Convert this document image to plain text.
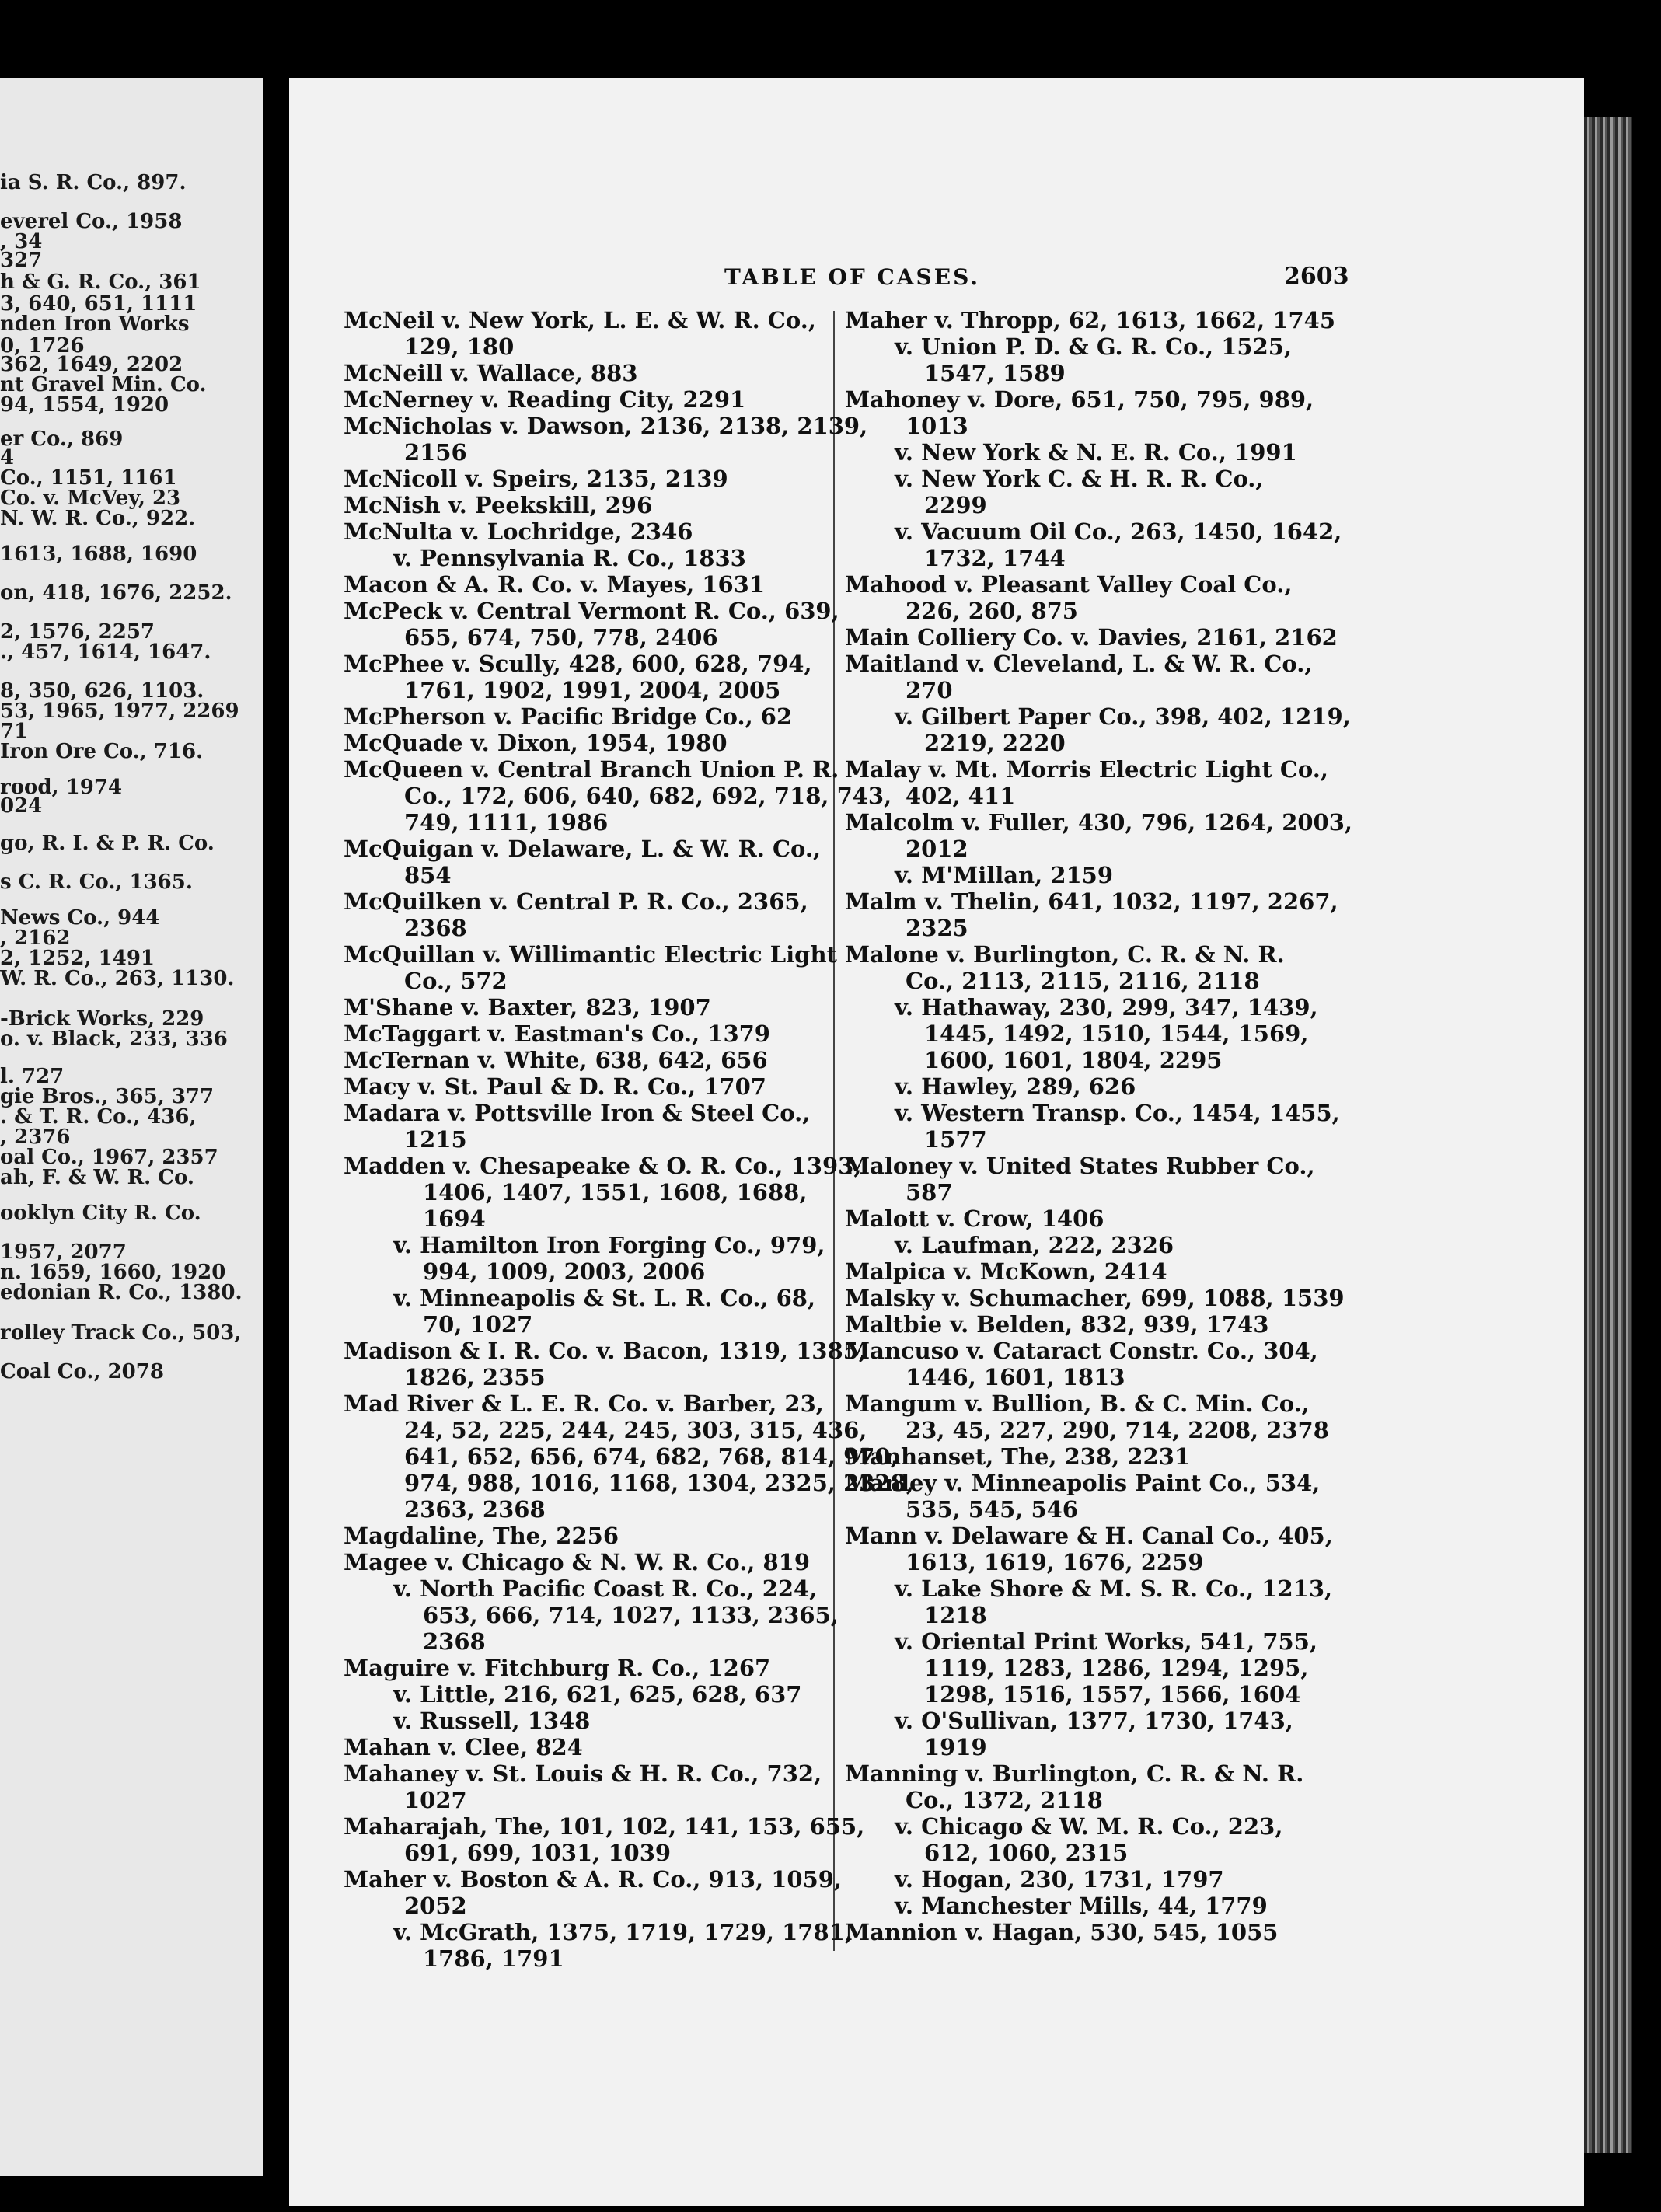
ia S. R. Co., 897.
everel Co., 1958
, 34
327
h & G. R. Co., 361
3, 640, 651, 1111
nden Iron Works
0, 1726
362, 1649, 2202
nt Gravel Min. Co.
94, 1554, 1920
er Co., 869
4
Co., 1151, 1161
Co. v. McVey, 23
N. W. R. Co., 922.
1613, 1688, 1690
on, 418, 1676, 2252.
2, 1576, 2257
., 457, 1614, 1647.
8, 350, 626, 1103.
53, 1965, 1977, 2269
71
Iron Ore Co., 716.
rood, 1974
024
go, R. I. & P. R. Co.
s C. R. Co., 1365.
News Co., 944
, 2162
2, 1252, 1491
W. R. Co., 263, 1130.
-Brick Works, 229
o. v. Black, 233, 336
l. 727
gie Bros., 365, 377
. & T. R. Co., 436,
, 2376
oal Co., 1967, 2357
ah, F. & W. R. Co.
ooklyn City R. Co.
1957, 2077
n. 1659, 1660, 1920
edonian R. Co., 1380.
rolley Track Co., 503,
Coal Co., 2078
TABLE OF CASES.	2603
McNeil v. New York, L. E. & W. R. Co.,
129, 180
McNeill v. Wallace, 883
McNerney v. Reading City, 2291
McNicholas v. Dawson, 2136, 2138, 2139,
2156
McNicoll v. Speirs, 2135, 2139
McNish v. Peekskill, 296
McNulta v. Lochridge, 2346
v. Pennsylvania R. Co., 1833
Macon & A. R. Co. v. Mayes, 1631
McPeck v. Central Vermont R. Co., 639,
655, 674, 750, 778, 2406
McPhee v. Scully, 428, 600, 628, 794,
1761, 1902, 1991, 2004, 2005
McPherson v. Pacific Bridge Co., 62
McQuade v. Dixon, 1954, 1980
McQueen v. Central Branch Union P. R.
Co., 172, 606, 640, 682, 692, 718, 743,
749, 1111, 1986
McQuigan v. Delaware, L. & W. R. Co.,
854
McQuilken v. Central P. R. Co., 2365,
2368
McQuillan v. Willimantic Electric Light
Co., 572
M'Shane v. Baxter, 823, 1907
McTaggart v. Eastman's Co., 1379
McTernan v. White, 638, 642, 656
Macy v. St. Paul & D. R. Co., 1707
Madara v. Pottsville Iron & Steel Co.,
1215
Madden v. Chesapeake & O. R. Co., 1393,
1406, 1407, 1551, 1608, 1688,
1694
v. Hamilton Iron Forging Co., 979,
994, 1009, 2003, 2006
v. Minneapolis & St. L. R. Co., 68,
70, 1027
Madison & I. R. Co. v. Bacon, 1319, 1385,
1826, 2355
Mad River & L. E. R. Co. v. Barber, 23,
24, 52, 225, 244, 245, 303, 315, 436,
641, 652, 656, 674, 682, 768, 814, 970,
974, 988, 1016, 1168, 1304, 2325, 2328,
2363, 2368
Magdaline, The, 2256
Magee v. Chicago & N. W. R. Co., 819
v. North Pacific Coast R. Co., 224,
653, 666, 714, 1027, 1133, 2365,
2368
Maguire v. Fitchburg R. Co., 1267
v. Little, 216, 621, 625, 628, 637
v. Russell, 1348
Mahan v. Clee, 824
Mahaney v. St. Louis & H. R. Co., 732,
1027
Maharajah, The, 101, 102, 141, 153, 655,
691, 699, 1031, 1039
Maher v. Boston & A. R. Co., 913, 1059,
2052
v. McGrath, 1375, 1719, 1729, 1781,
1786, 1791
Maher v. Thropp, 62, 1613, 1662, 1745
v. Union P. D. & G. R. Co., 1525,
1547, 1589
Mahoney v. Dore, 651, 750, 795, 989,
1013
v. New York & N. E. R. Co., 1991
v. New York C. & H. R. R. Co.,
2299
v. Vacuum Oil Co., 263, 1450, 1642,
1732, 1744
Mahood v. Pleasant Valley Coal Co.,
226, 260, 875
Main Colliery Co. v. Davies, 2161, 2162
Maitland v. Cleveland, L. & W. R. Co.,
270
v. Gilbert Paper Co., 398, 402, 1219,
2219, 2220
Malay v. Mt. Morris Electric Light Co.,
402, 411
Malcolm v. Fuller, 430, 796, 1264, 2003,
2012
v. M'Millan, 2159
Malm v. Thelin, 641, 1032, 1197, 2267,
2325
Malone v. Burlington, C. R. & N. R.
Co., 2113, 2115, 2116, 2118
v. Hathaway, 230, 299, 347, 1439,
1445, 1492, 1510, 1544, 1569,
1600, 1601, 1804, 2295
v. Hawley, 289, 626
v. Western Transp. Co., 1454, 1455,
1577
Maloney v. United States Rubber Co.,
587
Malott v. Crow, 1406
v. Laufman, 222, 2326
Malpica v. McKown, 2414
Malsky v. Schumacher, 699, 1088, 1539
Maltbie v. Belden, 832, 939, 1743
Mancuso v. Cataract Constr. Co., 304,
1446, 1601, 1813
Mangum v. Bullion, B. & C. Min. Co.,
23, 45, 227, 290, 714, 2208, 2378
Manhanset, The, 238, 2231
Manley v. Minneapolis Paint Co., 534,
535, 545, 546
Mann v. Delaware & H. Canal Co., 405,
1613, 1619, 1676, 2259
v. Lake Shore & M. S. R. Co., 1213,
1218
v. Oriental Print Works, 541, 755,
1119, 1283, 1286, 1294, 1295,
1298, 1516, 1557, 1566, 1604
v. O'Sullivan, 1377, 1730, 1743,
1919
Manning v. Burlington, C. R. & N. R.
Co., 1372, 2118
v. Chicago & W. M. R. Co., 223,
612, 1060, 2315
v. Hogan, 230, 1731, 1797
v. Manchester Mills, 44, 1779
Mannion v. Hagan, 530, 545, 1055
